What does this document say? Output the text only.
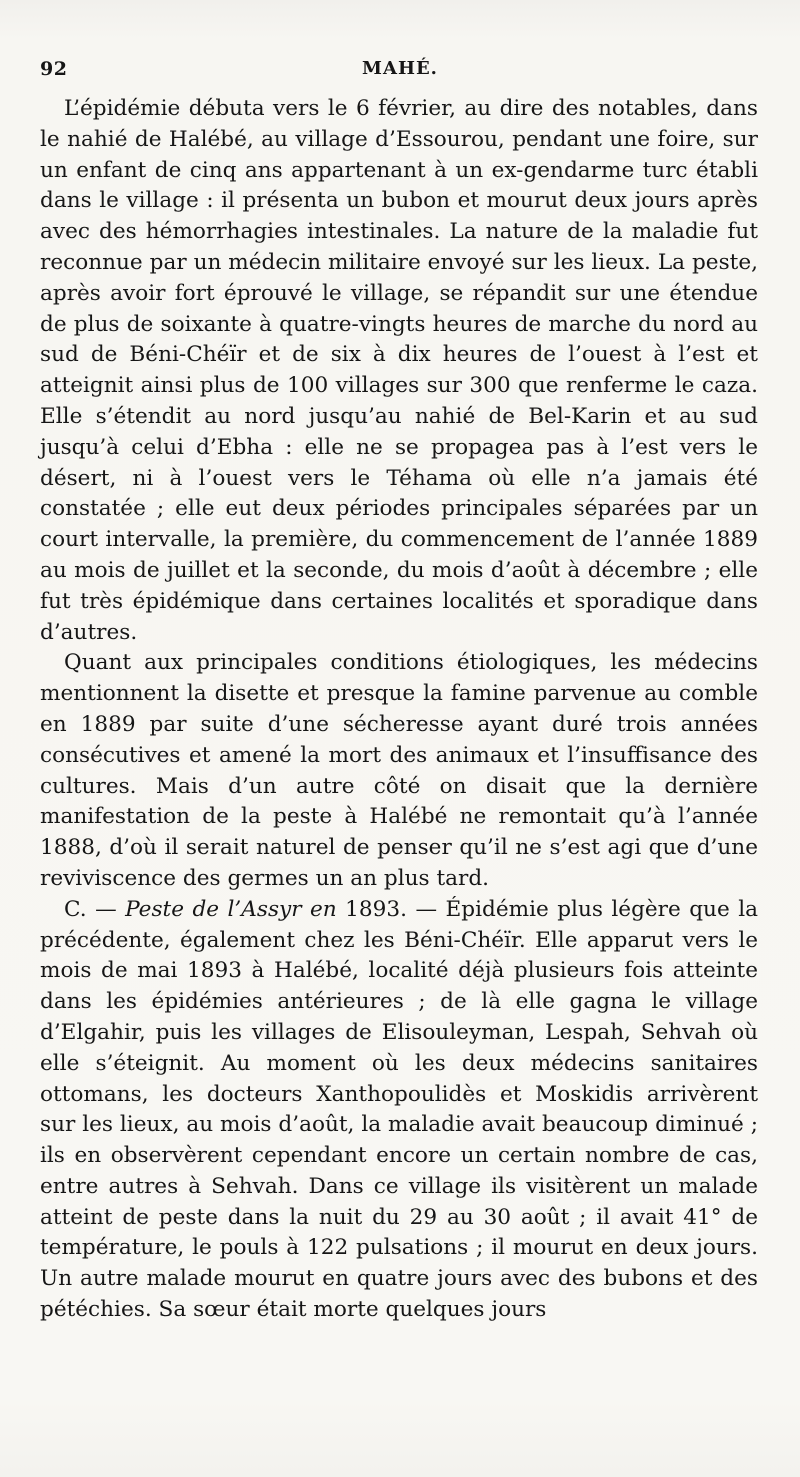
92	MAHÉ.

L’épidémie débuta vers le 6 février, au dire des notables, dans le nahié de Halébé, au village d’Essourou, pendant une foire, sur un enfant de cinq ans appartenant à un ex-gendarme turc établi dans le village : il présenta un bubon et mourut deux jours après avec des hémorrhagies intestinales. La nature de la maladie fut reconnue par un médecin militaire envoyé sur les lieux. La peste, après avoir fort éprouvé le village, se répandit sur une étendue de plus de soixante à quatre-vingts heures de marche du nord au sud de Béni-Chéïr et de six à dix heures de l’ouest à l’est et atteignit ainsi plus de 100 villages sur 300 que renferme le caza. Elle s’étendit au nord jusqu’au nahié de Bel-Karin et au sud jusqu’à celui d’Ebha : elle ne se propagea pas à l’est vers le désert, ni à l’ouest vers le Téhama où elle n’a jamais été constatée ; elle eut deux périodes principales séparées par un court intervalle, la première, du commencement de l’année 1889 au mois de juillet et la seconde, du mois d’août à décembre ; elle fut très épidémique dans certaines localités et sporadique dans d’autres.

Quant aux principales conditions étiologiques, les médecins mentionnent la disette et presque la famine parvenue au comble en 1889 par suite d’une sécheresse ayant duré trois années consécutives et amené la mort des animaux et l’insuffisance des cultures. Mais d’un autre côté on disait que la dernière manifestation de la peste à Halébé ne remontait qu’à l’année 1888, d’où il serait naturel de penser qu’il ne s’est agi que d’une reviviscence des germes un an plus tard.

C. — Peste de l’Assyr en 1893. — Épidémie plus légère que la précédente, également chez les Béni-Chéïr. Elle apparut vers le mois de mai 1893 à Halébé, localité déjà plusieurs fois atteinte dans les épidémies antérieures ; de là elle gagna le village d’Elgahir, puis les villages de Elisouleyman, Lespah, Sehvah où elle s’éteignit. Au moment où les deux médecins sanitaires ottomans, les docteurs Xanthopoulidès et Moskidis arrivèrent sur les lieux, au mois d’août, la maladie avait beaucoup diminué ; ils en observèrent cependant encore un certain nombre de cas, entre autres à Sehvah. Dans ce village ils visitèrent un malade atteint de peste dans la nuit du 29 au 30 août ; il avait 41° de température, le pouls à 122 pulsations ; il mourut en deux jours. Un autre malade mourut en quatre jours avec des bubons et des pétéchies. Sa sœur était morte quelques jours
